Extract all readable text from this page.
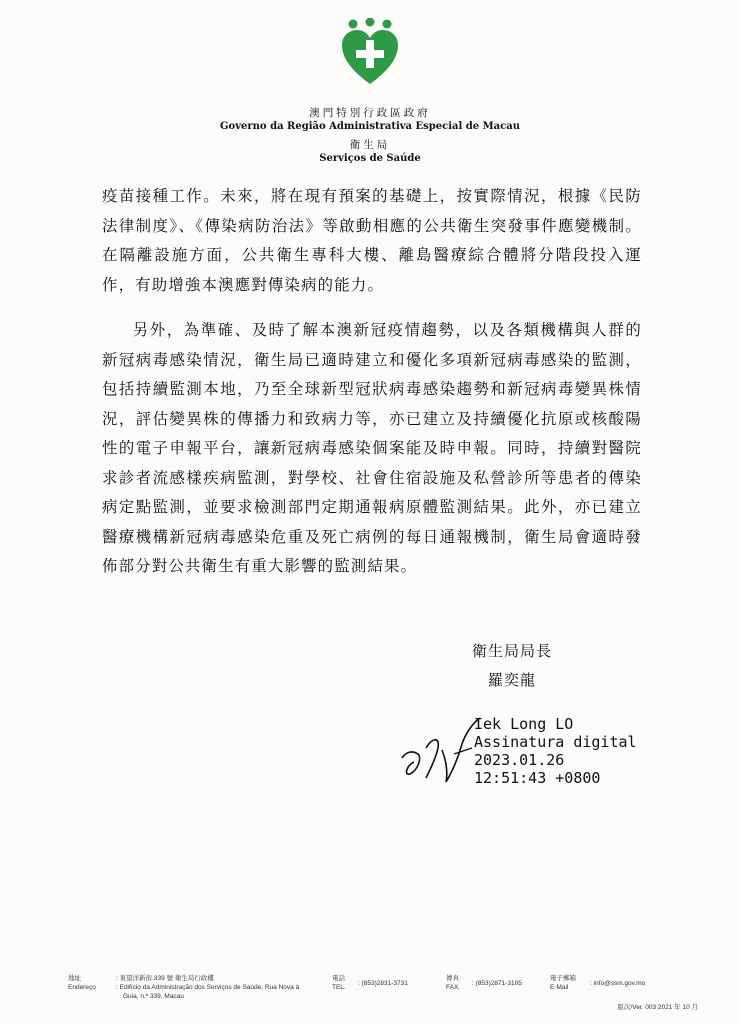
澳門特別行政區政府
Governo da Região Administrativa Especial de Macau
衛生局
Serviços de Saúde

疫苗接種工作。未來，將在現有預案的基礎上，按實際情況，根據《民防法律制度》、《傳染病防治法》等啟動相應的公共衛生突發事件應變機制。在隔離設施方面，公共衛生專科大樓、離島醫療綜合體將分階段投入運作，有助增強本澳應對傳染病的能力。

另外，為準確、及時了解本澳新冠疫情趨勢，以及各類機構與人群的新冠病毒感染情況，衛生局已適時建立和優化多項新冠病毒感染的監測，包括持續監測本地，乃至全球新型冠狀病毒感染趨勢和新冠病毒變異株情況，評估變異株的傳播力和致病力等，亦已建立及持續優化抗原或核酸陽性的電子申報平台，讓新冠病毒感染個案能及時申報。同時，持續對醫院求診者流感樣疾病監測，對學校、社會住宿設施及私營診所等患者的傳染病定點監測，並要求檢測部門定期通報病原體監測結果。此外，亦已建立醫療機構新冠病毒感染危重及死亡病例的每日通報機制，衛生局會適時發佈部分對公共衛生有重大影響的監測結果。

衛生局局長
羅奕龍
Iek Long LO
Assinatura digital
2023.01.26
12:51:43 +0800
地址
Endereço
: 東望洋新街 339 號 衛生局行政樓
: Edifício da Administração dos Serviços de Saúde, Rua Nova à
Guia, n.º 339, Macau
電話
TEL.
: (853)2831-3731
傳真
FAX.
: (853)2871-3105
電子郵箱
E-Mail
: info@ssm.gov.mo
版次/Ver. 003 2021 年 10 月
